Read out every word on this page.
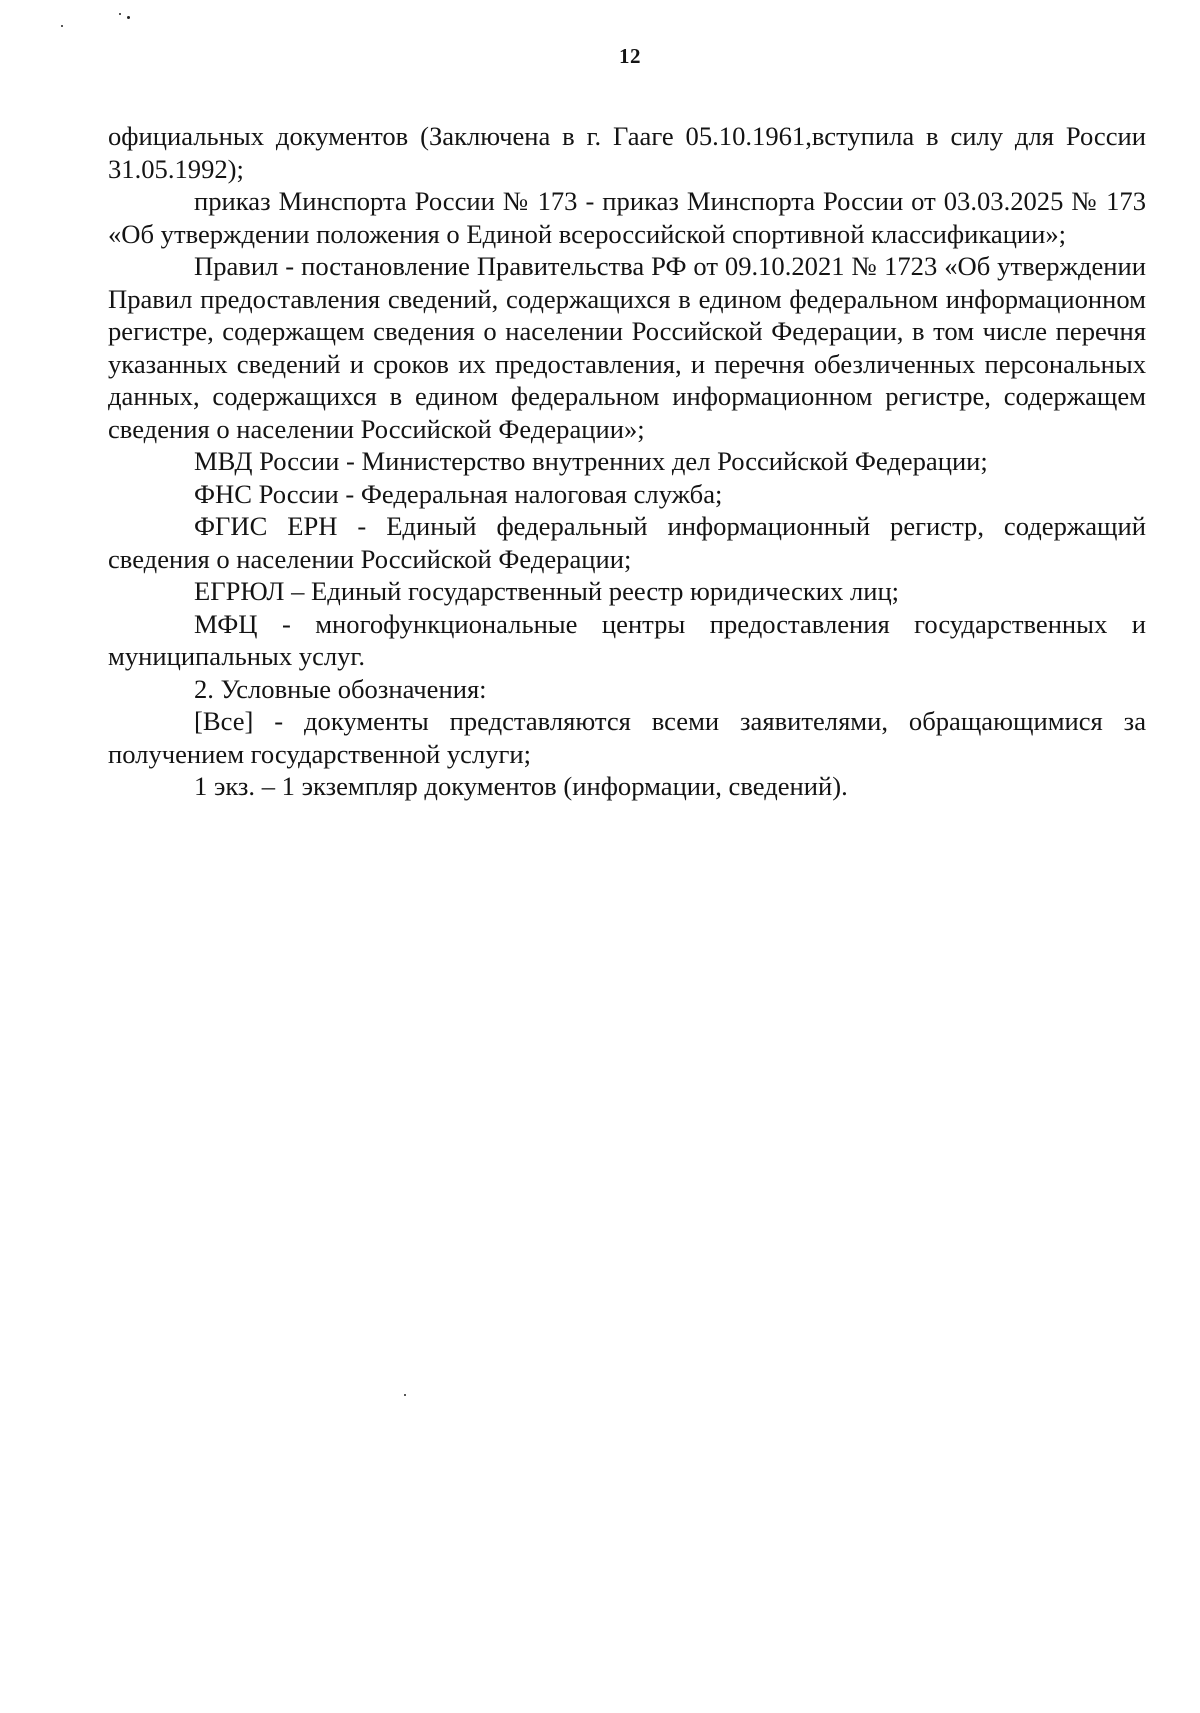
12

официальных документов (Заключена в г. Гааге 05.10.1961,вступила в силу для России 31.05.1992);

приказ Минспорта России № 173 - приказ Минспорта России от 03.03.2025 № 173 «Об утверждении положения о Единой всероссийской спортивной классификации»;

Правил - постановление Правительства РФ от 09.10.2021 № 1723 «Об утверждении Правил предоставления сведений, содержащихся в едином федеральном информационном регистре, содержащем сведения о населении Российской Федерации, в том числе перечня указанных сведений и сроков их предоставления, и перечня обезличенных персональных данных, содержащихся в едином федеральном информационном регистре, содержащем сведения о населении Российской Федерации»;

МВД России - Министерство внутренних дел Российской Федерации;

ФНС России - Федеральная налоговая служба;

ФГИС ЕРН - Единый федеральный информационный регистр, содержащий сведения о населении Российской Федерации;

ЕГРЮЛ – Единый государственный реестр юридических лиц;

МФЦ - многофункциональные центры предоставления государственных и муниципальных услуг.

2. Условные обозначения:

[Все] - документы представляются всеми заявителями, обращающимися за получением государственной услуги;

1 экз. – 1 экземпляр документов (информации, сведений).
